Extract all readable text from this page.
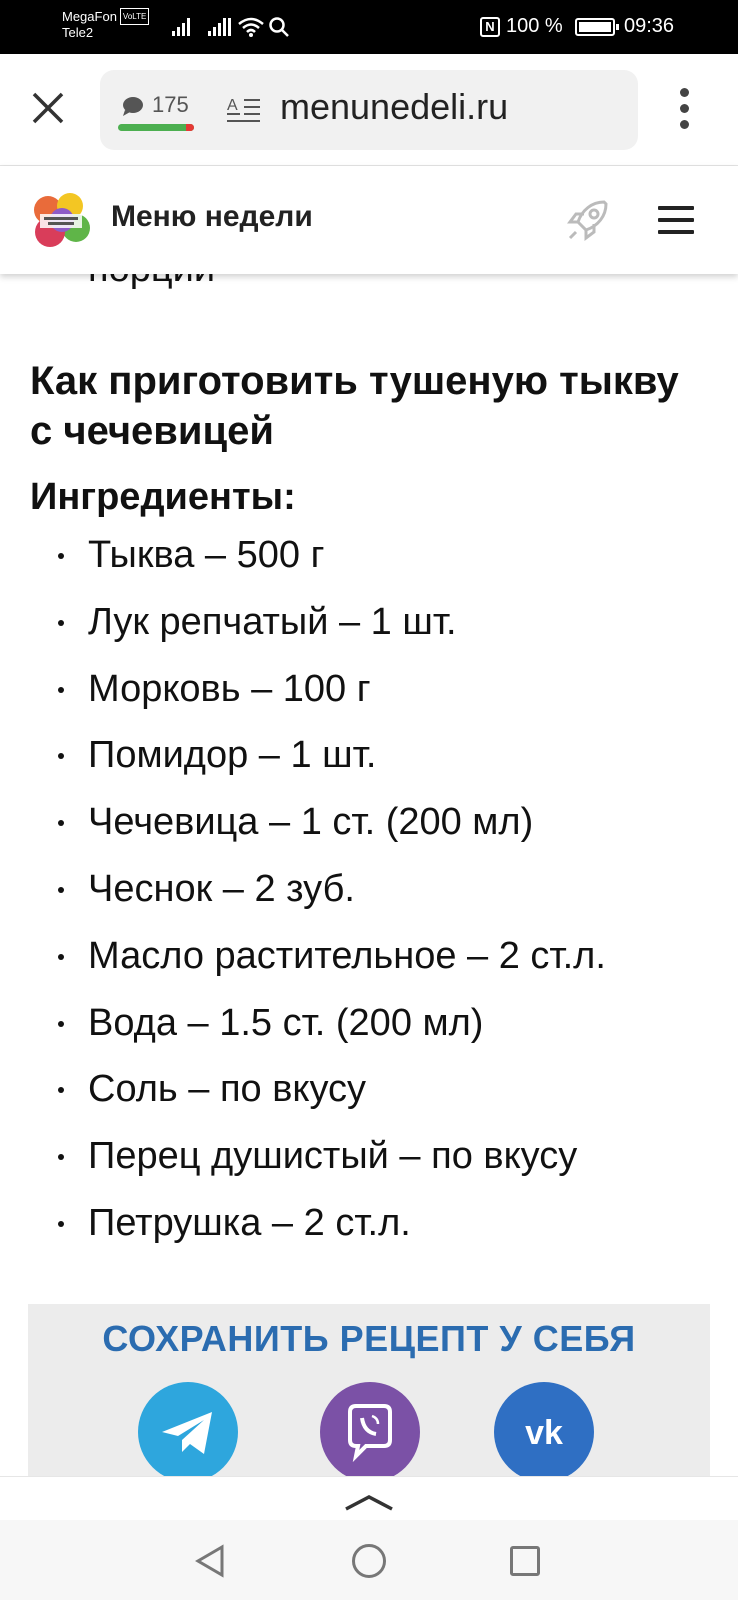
MegaFon VoLTE
Tele2	N 100 %	09:36
175 A menunedeli.ru
Меню недели
Как приготовить тушеную тыкву с чечевицей
Ингредиенты:
Тыква – 500 г
Лук репчатый – 1 шт.
Морковь – 100 г
Помидор – 1 шт.
Чечевица – 1 ст. (200 мл)
Чеснок – 2 зуб.
Масло растительное – 2 ст.л.
Вода – 1.5 ст. (200 мл)
Соль – по вкусу
Перец душистый – по вкусу
Петрушка – 2 ст.л.
СОХРАНИТЬ РЕЦЕПТ У СЕБЯ
vk
